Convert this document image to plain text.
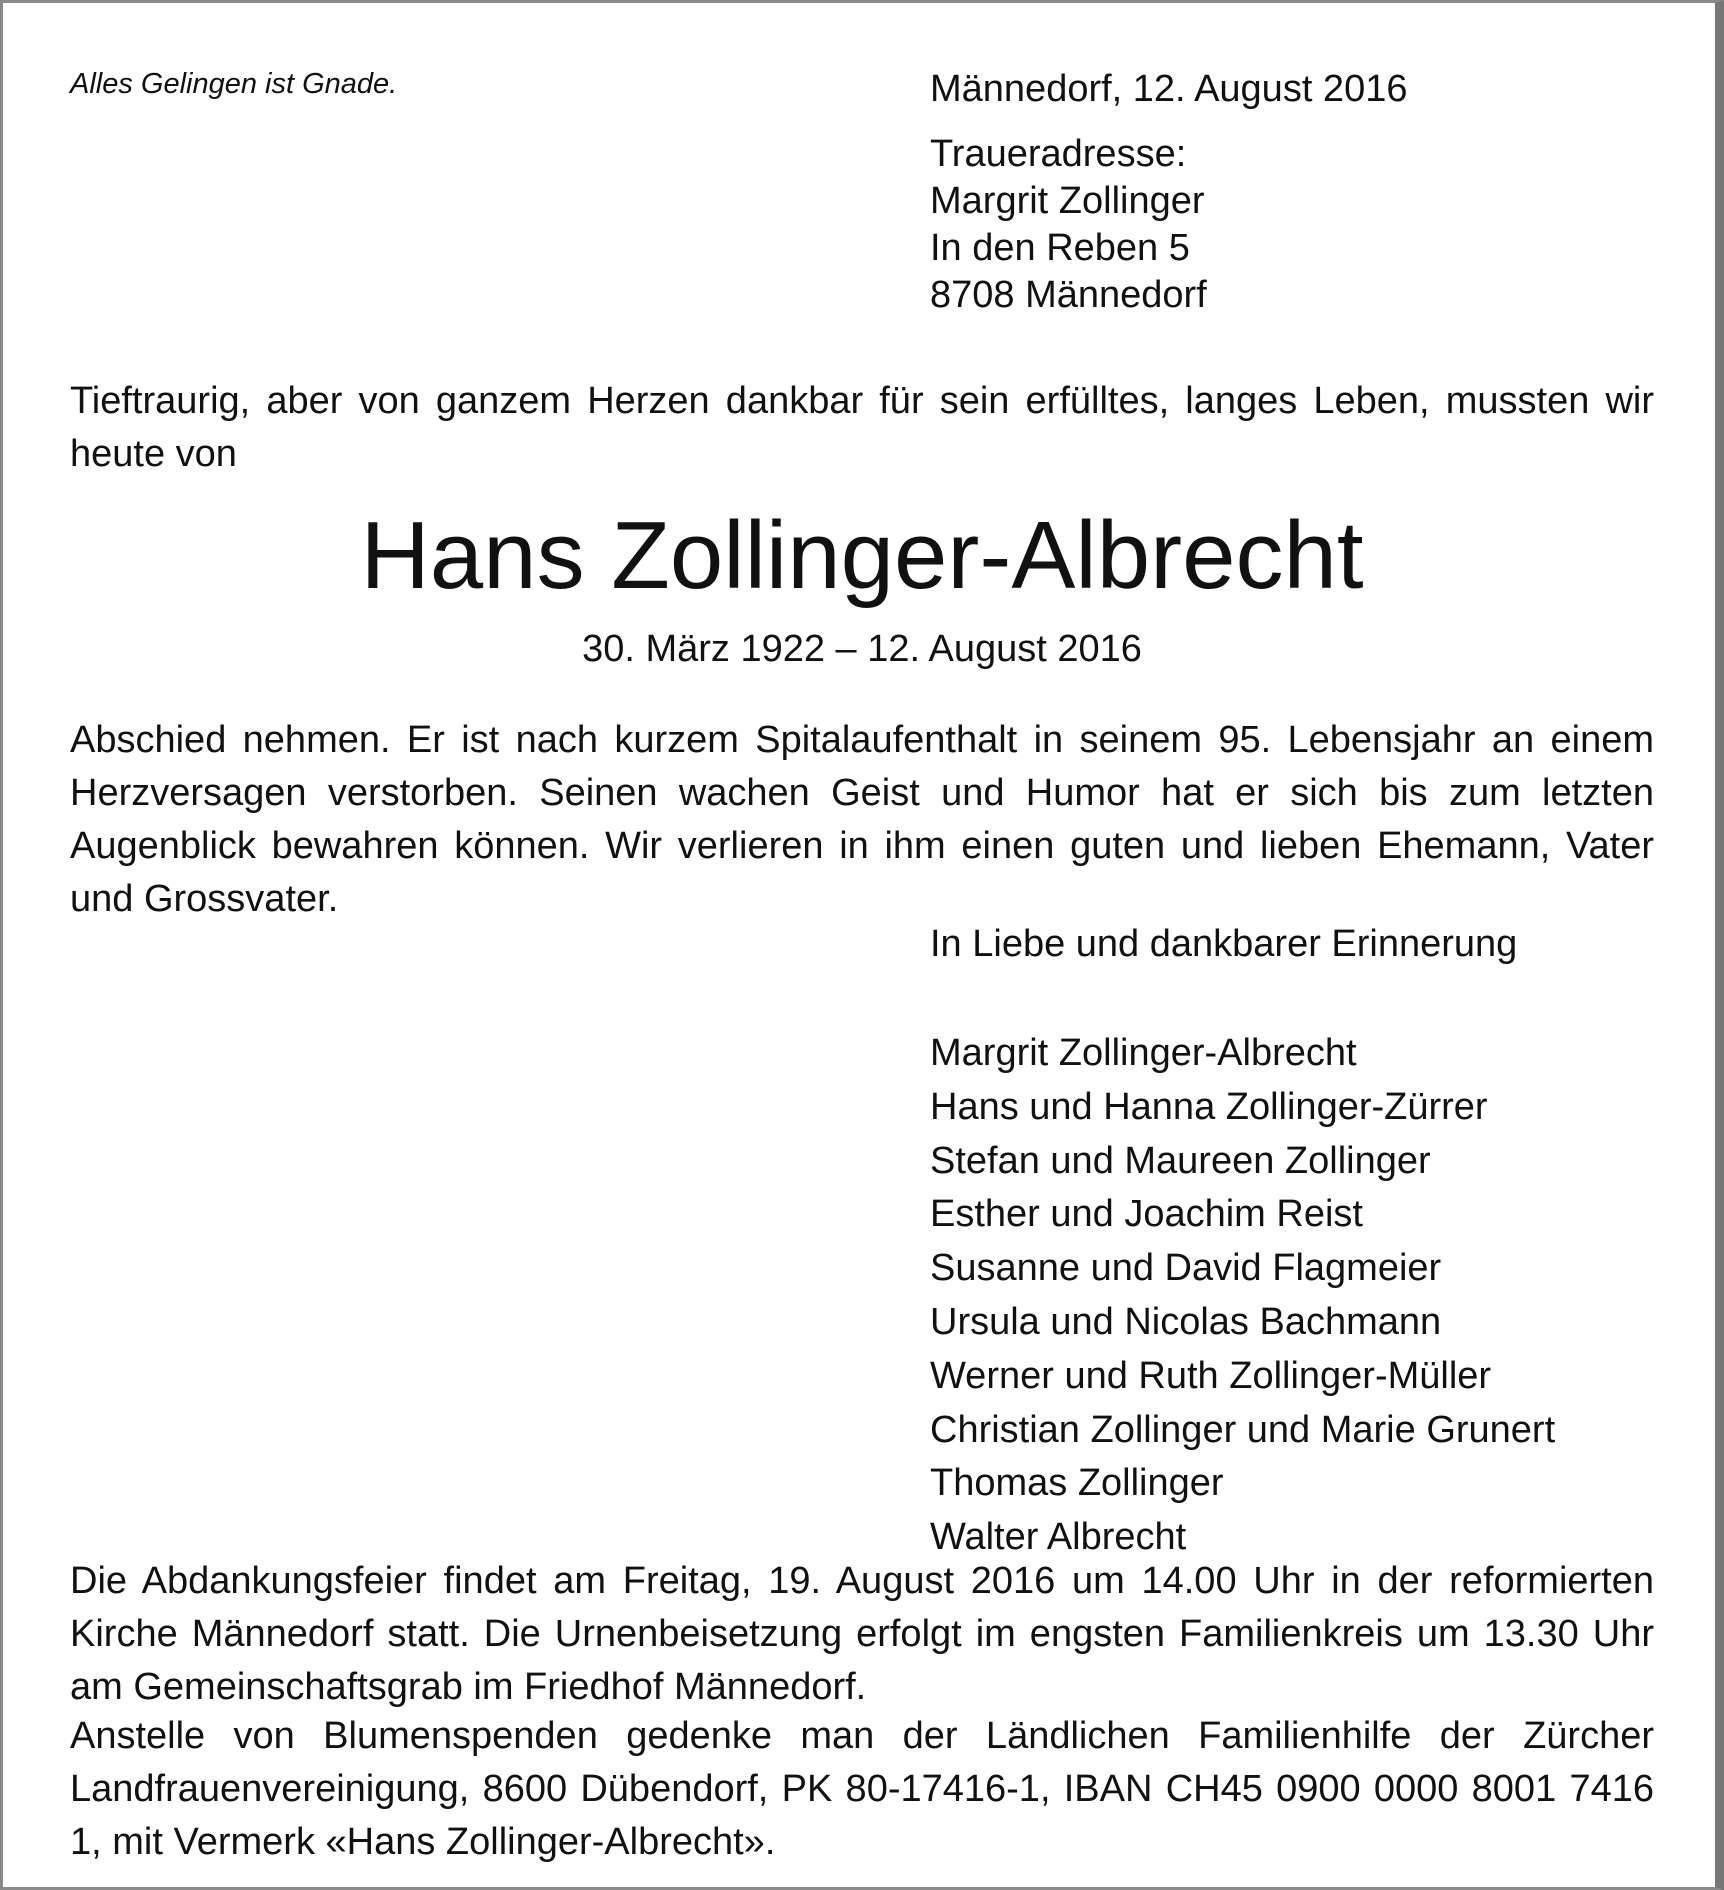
Alles Gelingen ist Gnade.	Männedorf, 12. August 2016
Traueradresse:
Margrit Zollinger
In den Reben 5
8708 Männedorf
Tieftraurig, aber von ganzem Herzen dankbar für sein erfülltes, langes Leben, mussten wir heute von
Hans Zollinger-Albrecht
30. März 1922 – 12. August 2016
Abschied nehmen. Er ist nach kurzem Spitalaufenthalt in seinem 95. Lebensjahr an einem Herzversagen verstorben. Seinen wachen Geist und Humor hat er sich bis zum letzten Augenblick bewahren können. Wir verlieren in ihm einen guten und lieben Ehemann, Vater und Grossvater.
In Liebe und dankbarer Erinnerung
Margrit Zollinger-Albrecht
Hans und Hanna Zollinger-Zürrer
Stefan und Maureen Zollinger
Esther und Joachim Reist
Susanne und David Flagmeier
Ursula und Nicolas Bachmann
Werner und Ruth Zollinger-Müller
Christian Zollinger und Marie Grunert
Thomas Zollinger
Walter Albrecht
Die Abdankungsfeier findet am Freitag, 19. August 2016 um 14.00 Uhr in der reformierten Kirche Männedorf statt. Die Urnenbeisetzung erfolgt im engsten Familienkreis um 13.30 Uhr am Gemeinschaftsgrab im Friedhof Männedorf.
Anstelle von Blumenspenden gedenke man der Ländlichen Familienhilfe der Zürcher Landfrauenvereinigung, 8600 Dübendorf, PK 80-17416-1, IBAN CH45 0900 0000 8001 7416 1, mit Vermerk «Hans Zollinger-Albrecht».
